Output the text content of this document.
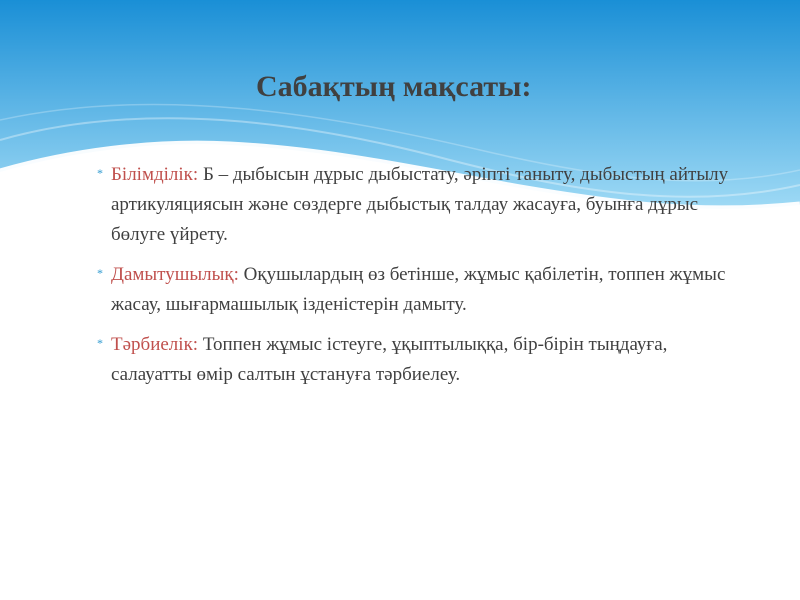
Сабақтың мақсаты:
* Білімділік: Б – дыбысын дұрыс дыбыстату, әріпті таныту, дыбыстың айтылу артикуляциясын және сөздерге дыбыстық талдау жасауға, буынға дұрыс бөлуге үйрету.
* Дамытушылық: Оқушылардың өз бетінше, жұмыс қабілетін, топпен жұмыс жасау, шығармашылық ізденістерін дамыту.
* Тәрбиелік: Топпен жұмыс істеуге, ұқыптылыққа, бір-бірін тыңдауға, салауатты өмір салтын ұстануға тәрбиелеу.
